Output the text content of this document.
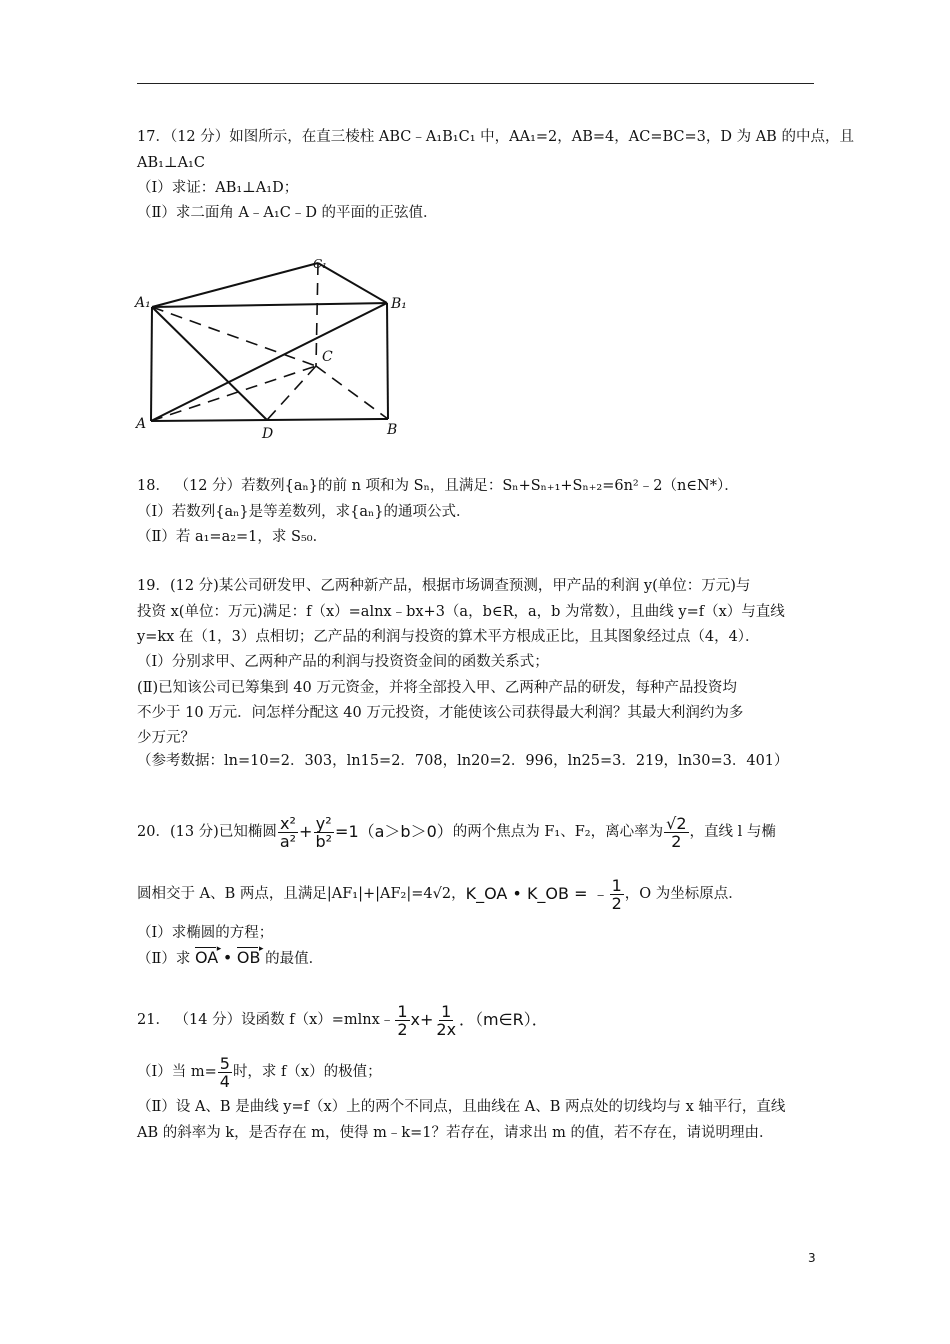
17．（12 分）如图所示，在直三棱柱 ABC﹣A₁B₁C₁ 中，AA₁=2，AB=4，AC=BC=3，D 为 AB 的中点，且
AB₁⊥A₁C
（I）求证：AB₁⊥A₁D；
（Ⅱ）求二面角 A﹣A₁C﹣D 的平面的正弦值．
A₁	B₁
C₁
A	B
C
D
18． （12 分）若数列{aₙ}的前 n 项和为 Sₙ，且满足：Sₙ+Sₙ₊₁+Sₙ₊₂=6n²﹣2（n∈N*）．
（Ⅰ）若数列{aₙ}是等差数列，求{aₙ}的通项公式．
（Ⅱ）若 a₁=a₂=1，求 S₅₀．
19．(12 分)某公司研发甲、乙两种新产品，根据市场调查预测，甲产品的利润 y(单位：万元)与
投资 x(单位：万元)满足：f（x）=alnx﹣bx+3（a，b∈R，a，b 为常数），且曲线 y=f（x）与直线
y=kx 在（1，3）点相切；乙产品的利润与投资的算术平方根成正比，且其图象经过点（4，4）．
（I）分别求甲、乙两种产品的利润与投资资金间的函数关系式；
(Ⅱ)已知该公司已筹集到 40 万元资金，并将全部投入甲、乙两种产品的研发，每种产品投资均
不少于 10 万元．问怎样分配这 40 万元投资，才能使该公司获得最大利润？其最大利润约为多
少万元？
（参考数据：ln=10=2．303，ln15=2．708，ln20=2．996，ln25=3．219，ln30=3．401）
20．(13 分)已知椭圆 $\frac{\text{x²}}{\text{a²}} + \frac{\text{y²}}{\text{b²}} =1(a>b>0)$ 的两个焦点为 F₁、F₂，离心率为 $\frac{√2}{2}$ ，直线 l 与椭
圆相交于 A、B 两点，且满足|AF₁|+|AF₂|=4√2， K_OA • K_OB = ﹣ $\frac{1}{2}$ ，O 为坐标原点．
（I）求椭圆的方程；
（Ⅱ）求 OA ▸ • OB ▸ 的最值．
21． （14 分）设函数 f（x）=mlnx﹣ $\frac{1}{2} x+ \frac{1}{2x}$ ．（m∈R）．
（I）当 $m= \frac{5}{4}$ 时，求 f（x）的极值；
（Ⅱ）设 A、B 是曲线 y=f（x）上的两个不同点，且曲线在 A、B 两点处的切线均与 x 轴平行，直线
AB 的斜率为 k，是否存在 m，使得 m﹣k=1？若存在，请求出 m 的值，若不存在，请说明理由．
3
